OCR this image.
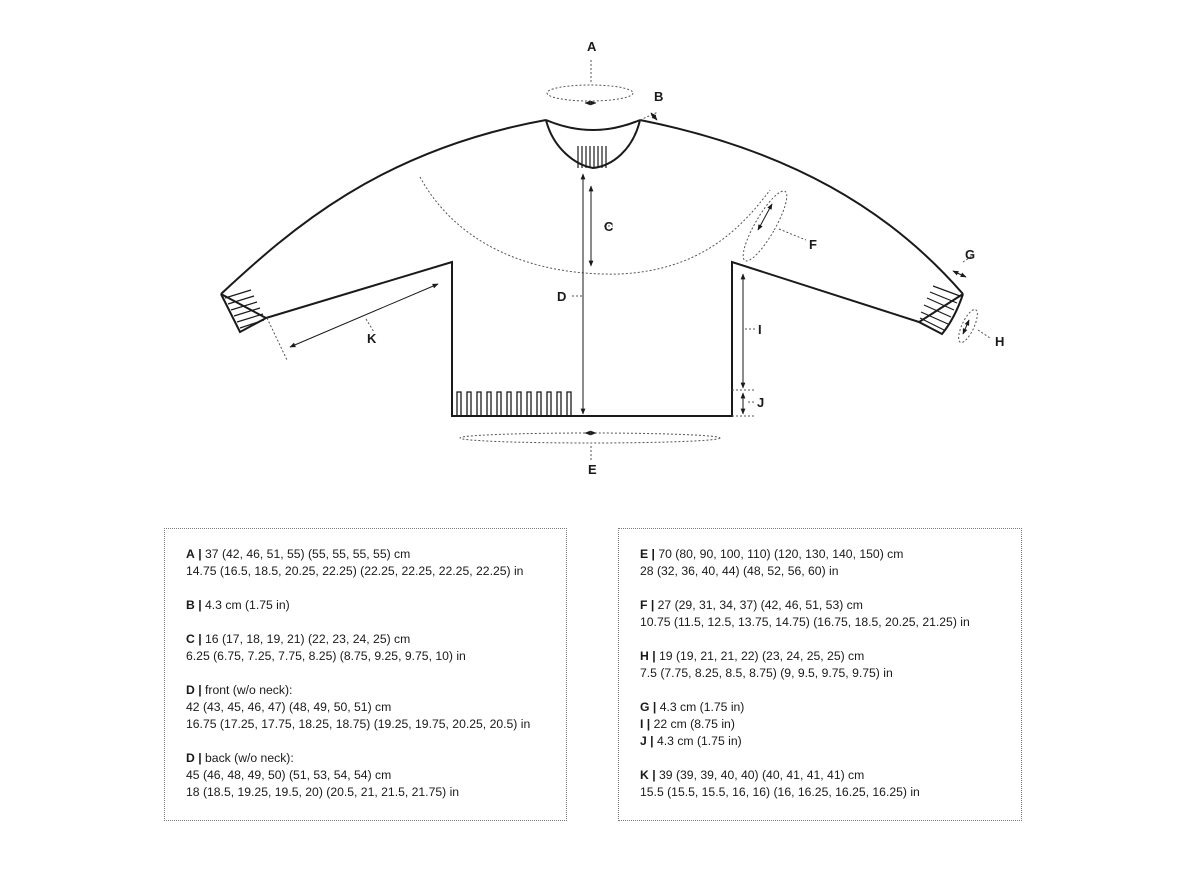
A
B
C
D
E
F
G
H
I
J
K
A | 37 (42, 46, 51, 55) (55, 55, 55, 55) cm
14.75 (16.5, 18.5, 20.25, 22.25) (22.25, 22.25, 22.25, 22.25) in
B | 4.3 cm (1.75 in)
C | 16 (17, 18, 19, 21) (22, 23, 24, 25) cm
6.25 (6.75, 7.25, 7.75, 8.25) (8.75, 9.25, 9.75, 10) in
D | front (w/o neck):
42 (43, 45, 46, 47) (48, 49, 50, 51) cm
16.75 (17.25, 17.75, 18.25, 18.75) (19.25, 19.75, 20.25, 20.5) in
D | back (w/o neck):
45 (46, 48, 49, 50) (51, 53, 54, 54) cm
18 (18.5, 19.25, 19.5, 20) (20.5, 21, 21.5, 21.75) in
E | 70 (80, 90, 100, 110) (120, 130, 140, 150) cm
28 (32, 36, 40, 44) (48, 52, 56, 60) in
F | 27 (29, 31, 34, 37) (42, 46, 51, 53) cm
10.75 (11.5, 12.5, 13.75, 14.75) (16.75, 18.5, 20.25, 21.25) in
H | 19 (19, 21, 21, 22) (23, 24, 25, 25) cm
7.5 (7.75, 8.25, 8.5, 8.75) (9, 9.5, 9.75, 9.75) in
G | 4.3 cm (1.75 in)
I | 22 cm (8.75 in)
J | 4.3 cm (1.75 in)
K | 39 (39, 39, 40, 40) (40, 41, 41, 41) cm
15.5 (15.5, 15.5, 16, 16) (16, 16.25, 16.25, 16.25) in
